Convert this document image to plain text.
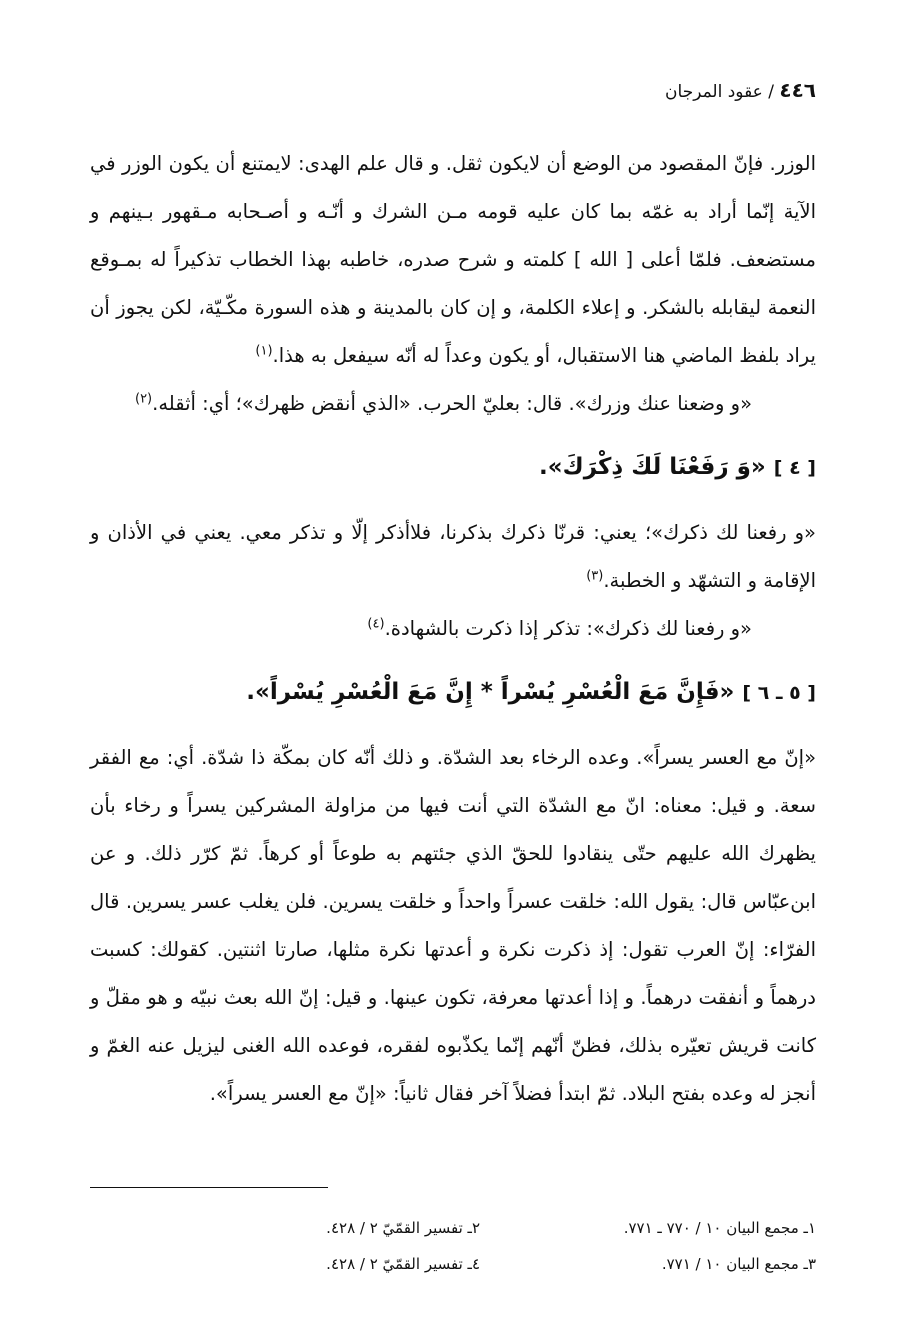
٤٤٦ / عقود المرجان

الوزر. فإنّ المقصود من الوضع أن لايكون ثقل. و قال علم الهدى: لايمتنع أن يكون الوزر في الآية إنّما أراد به غمّه بما كان عليه قومه مـن الشرك و أنّـه و أصـحابه مـقهور بـينهم و مستضعف. فلمّا أعلى [ الله ] كلمته و شرح صدره، خاطبه بهذا الخطاب تذكيراً له بمـوقع النعمة ليقابله بالشكر. و إعلاء الكلمة، و إن كان بالمدينة و هذه السورة مكّـيّة، لكن يجوز أن يراد بلفظ الماضي هنا الاستقبال، أو يكون وعداً له أنّه سيفعل به هذا.$^{(١)}$

«و وضعنا عنك وزرك». قال: بعليّ الحرب. «الذي أنقض ظهرك»؛ أي: أثقله.$^{(٢)}$

[ ٤ ] «وَ رَفَعْنَا لَكَ ذِكْرَكَ».

«و رفعنا لك ذكرك»؛ يعني: قرنّا ذكرك بذكرنا، فلاأذكر إلّا و تذكر معي. يعني في الأذان و الإقامة و التشهّد و الخطبة.$^{(٣)}$

«و رفعنا لك ذكرك»: تذكر إذا ذكرت بالشهادة.$^{(٤)}$

[ ٥ ـ ٦ ] «فَإِنَّ مَعَ الْعُسْرِ يُسْراً * إِنَّ مَعَ الْعُسْرِ يُسْراً».

«إنّ مع العسر يسراً». وعده الرخاء بعد الشدّة. و ذلك أنّه كان بمكّة ذا شدّة. أي: مع الفقر سعة. و قيل: معناه: انّ مع الشدّة التي أنت فيها من مزاولة المشركين يسراً و رخاء بأن يظهرك الله عليهم حتّى ينقادوا للحقّ الذي جئتهم به طوعاً أو كرهاً. ثمّ كرّر ذلك. و عن ابن‌عبّاس قال: يقول الله: خلقت عسراً واحداً و خلقت يسرين. فلن يغلب عسر يسرين. قال الفرّاء: إنّ العرب تقول: إذ ذكرت نكرة و أعدتها نكرة مثلها، صارتا اثنتين. كقولك: كسبت درهماً و أنفقت درهماً. و إذا أعدتها معرفة، تكون عينها. و قيل: إنّ الله بعث نبيّه و هو مقلّ و كانت قريش تعيّره بذلك، فظنّ أنّهم إنّما يكذّبوه لفقره، فوعده الله الغنى ليزيل عنه الغمّ و أنجز له وعده بفتح البلاد. ثمّ ابتدأ فضلاً آخر فقال ثانياً: «إنّ مع العسر يسراً».

١ـ مجمع البيان ١٠ / ٧٧٠ ـ ٧٧١.
٢ـ تفسير القمّيّ ٢ / ٤٢٨.
٣ـ مجمع البيان ١٠ / ٧٧١.
٤ـ تفسير القمّيّ ٢ / ٤٢٨.
